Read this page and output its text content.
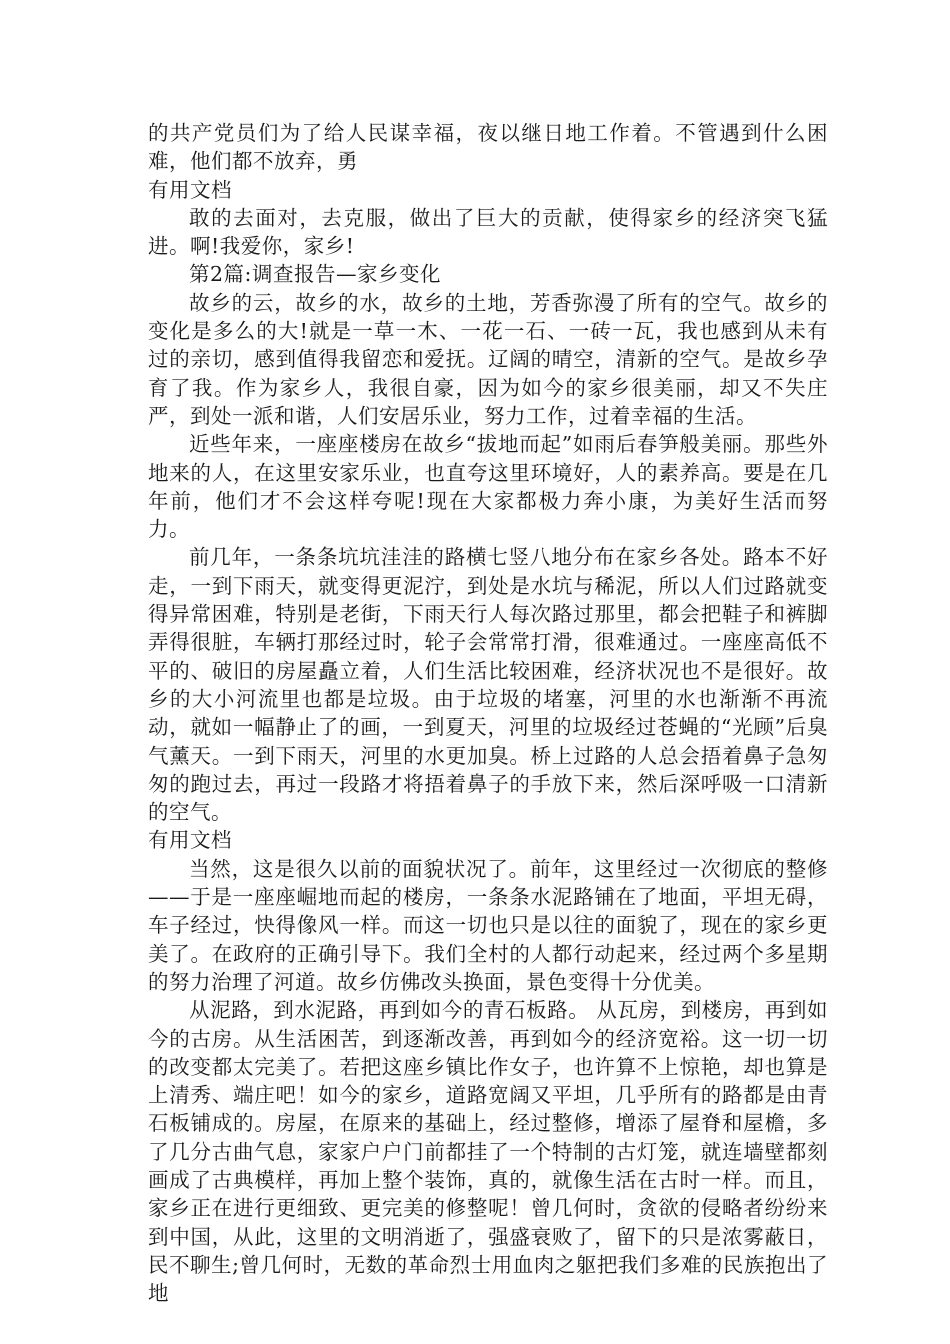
的共产党员们为了给人民谋幸福，夜以继日地工作着。不管遇到什么困难，他们都不放弃，勇

有用文档

敢的去面对，去克服，做出了巨大的贡献，使得家乡的经济突飞猛进。啊!我爱你，家乡!

第2篇:调查报告—家乡变化

故乡的云，故乡的水，故乡的土地，芳香弥漫了所有的空气。故乡的变化是多么的大!就是一草一木、一花一石、一砖一瓦，我也感到从未有过的亲切，感到值得我留恋和爱抚。辽阔的晴空，清新的空气。是故乡孕育了我。作为家乡人，我很自豪，因为如今的家乡很美丽，却又不失庄严，到处一派和谐，人们安居乐业，努力工作，过着幸福的生活。

近些年来，一座座楼房在故乡“拔地而起”如雨后春笋般美丽。那些外地来的人，在这里安家乐业，也直夸这里环境好，人的素养高。要是在几年前，他们才不会这样夸呢!现在大家都极力奔小康，为美好生活而努力。

前几年，一条条坑坑洼洼的路横七竖八地分布在家乡各处。路本不好走，一到下雨天，就变得更泥泞，到处是水坑与稀泥，所以人们过路就变得异常困难，特别是老街，下雨天行人每次路过那里，都会把鞋子和裤脚弄得很脏，车辆打那经过时，轮子会常常打滑，很难通过。一座座高低不平的、破旧的房屋矗立着，人们生活比较困难，经济状况也不是很好。故乡的大小河流里也都是垃圾。由于垃圾的堵塞，河里的水也渐渐不再流动，就如一幅静止了的画，一到夏天，河里的垃圾经过苍蝇的“光顾”后臭气薰天。一到下雨天，河里的水更加臭。桥上过路的人总会捂着鼻子急匆匆的跑过去，再过一段路才将捂着鼻子的手放下来，然后深呼吸一口清新的空气。

有用文档

当然，这是很久以前的面貌状况了。前年，这里经过一次彻底的整修——于是一座座崛地而起的楼房，一条条水泥路铺在了地面，平坦无碍，车子经过，快得像风一样。而这一切也只是以往的面貌了，现在的家乡更美了。在政府的正确引导下。我们全村的人都行动起来，经过两个多星期的努力治理了河道。故乡仿佛改头换面，景色变得十分优美。

从泥路，到水泥路，再到如今的青石板路。 从瓦房，到楼房，再到如今的古房。从生活困苦，到逐渐改善，再到如今的经济宽裕。这一切一切的改变都太完美了。若把这座乡镇比作女子，也许算不上惊艳，却也算是上清秀、端庄吧！如今的家乡，道路宽阔又平坦，几乎所有的路都是由青石板铺成的。房屋，在原来的基础上，经过整修，增添了屋脊和屋檐，多了几分古曲气息，家家户户门前都挂了一个特制的古灯笼，就连墙壁都刻画成了古典模样，再加上整个装饰，真的，就像生活在古时一样。而且，家乡正在进行更细致、更完美的修整呢！曾几何时，贪欲的侵略者纷纷来到中国，从此，这里的文明消逝了，强盛衰败了，留下的只是浓雾蔽日，民不聊生;曾几何时，无数的革命烈士用血肉之躯把我们多难的民族抱出了地
